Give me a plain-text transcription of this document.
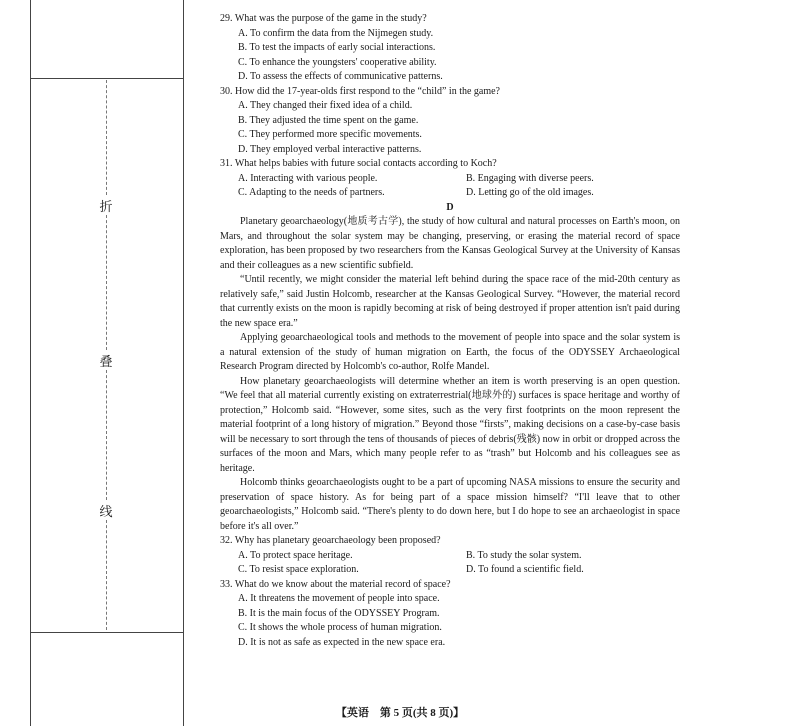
折
叠
线

29. What was the purpose of the game in the study?

A. To confirm the data from the Nijmegen study.

B. To test the impacts of early social interactions.

C. To enhance the youngsters' cooperative ability.

D. To assess the effects of communicative patterns.

30. How did the 17-year-olds first respond to the “child” in the game?

A. They changed their fixed idea of a child.

B. They adjusted the time spent on the game.

C. They performed more specific movements.

D. They employed verbal interactive patterns.

31. What helps babies with future social contacts according to Koch?

A. Interacting with various people.	B. Engaging with diverse peers.
C. Adapting to the needs of partners.	D. Letting go of the old images.

D

Planetary geoarchaeology(地质考古学), the study of how cultural and natural processes on Earth's moon, on Mars, and throughout the solar system may be changing, preserving, or erasing the material record of space exploration, has been proposed by two researchers from the Kansas Geological Survey at the University of Kansas and their colleagues as a new scientific subfield.

“Until recently, we might consider the material left behind during the space race of the mid-20th century as relatively safe,” said Justin Holcomb, researcher at the Kansas Geological Survey. “However, the material record that currently exists on the moon is rapidly becoming at risk of being destroyed if proper attention isn't paid during the new space era.”

Applying geoarchaeological tools and methods to the movement of people into space and the solar system is a natural extension of the study of human migration on Earth, the focus of the ODYSSEY Archaeological Research Program directed by Holcomb's co-author, Rolfe Mandel.

How planetary geoarchaeologists will determine whether an item is worth preserving is an open question. “We feel that all material currently existing on extraterrestrial(地球外的) surfaces is space heritage and worthy of protection,” Holcomb said. “However, some sites, such as the very first footprints on the moon represent the material footprint of a long history of migration.” Beyond those “firsts”, making decisions on a case-by-case basis will be necessary to sort through the tens of thousands of pieces of debris(残骸) now in orbit or dropped across the surfaces of the moon and Mars, which many people refer to as “trash” but Holcomb and his colleagues see as heritage.

Holcomb thinks geoarchaeologists ought to be a part of upcoming NASA missions to ensure the security and preservation of space history. As for being part of a space mission himself? “I'll leave that to other geoarchaeologists,” Holcomb said. “There's plenty to do down here, but I do hope to see an archaeologist in space before it's all over.”

32. Why has planetary geoarchaeology been proposed?

A. To protect space heritage.	B. To study the solar system.
C. To resist space exploration.	D. To found a scientific field.

33. What do we know about the material record of space?

A. It threatens the movement of people into space.

B. It is the main focus of the ODYSSEY Program.

C. It shows the whole process of human migration.

D. It is not as safe as expected in the new space era.

【英语　第 5 页(共 8 页)】
